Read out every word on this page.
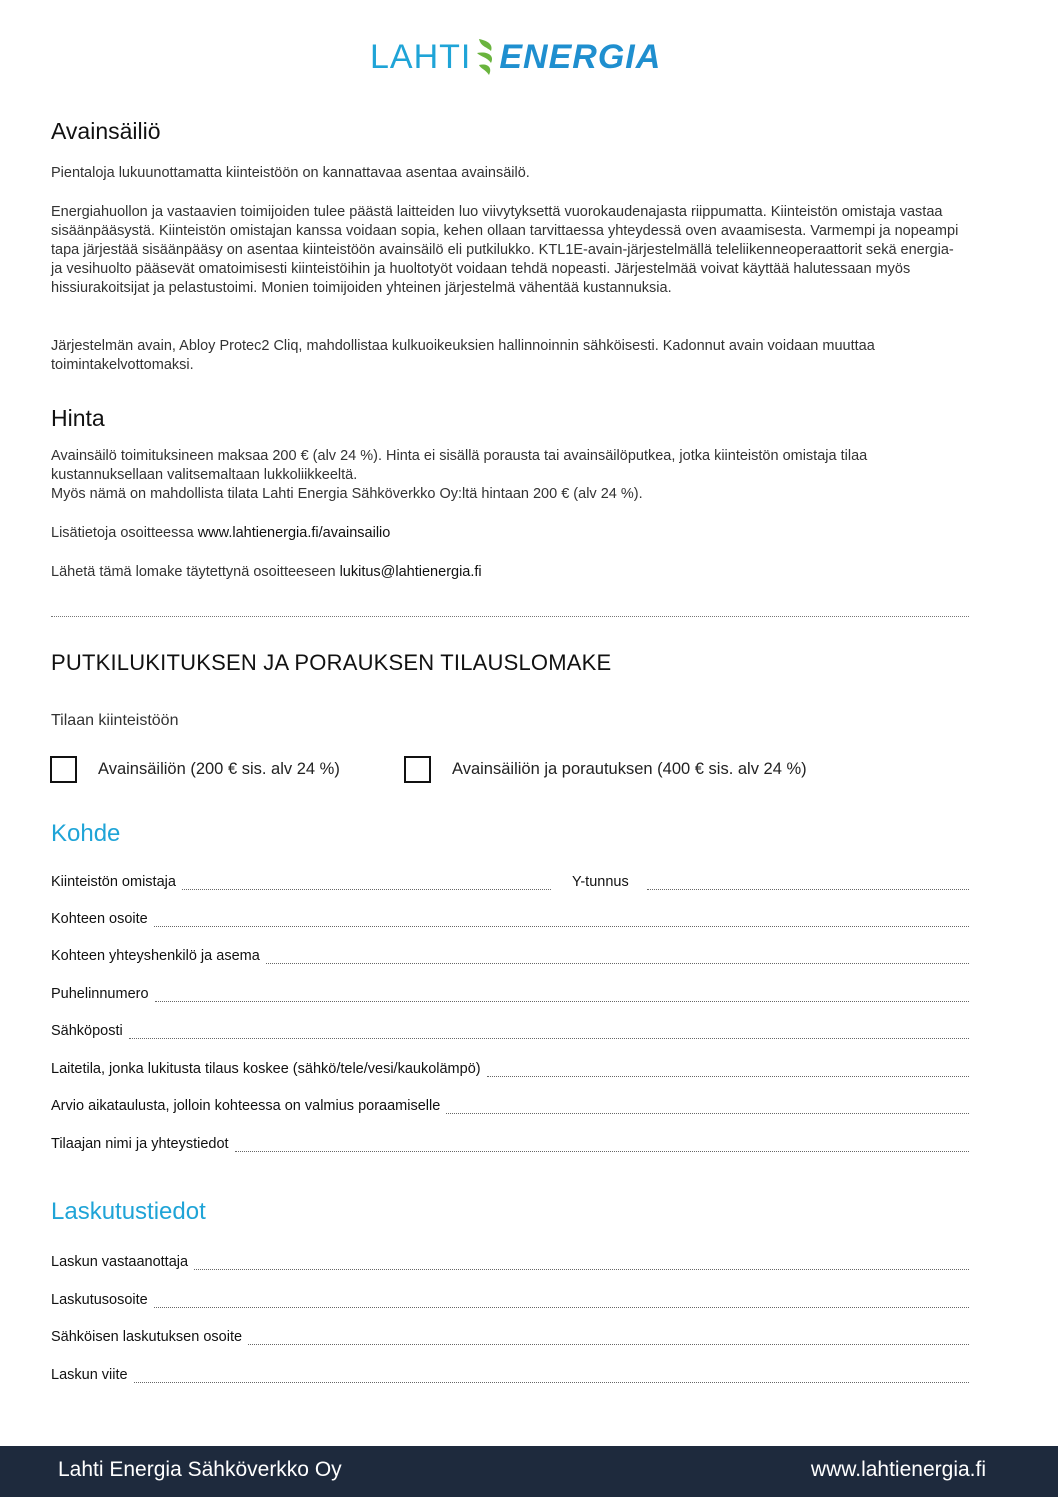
LAHTI ENERGIA
Avainsäiliö

Pientaloja lukuunottamatta kiinteistöön on kannattavaa asentaa avainsäilö.

Energiahuollon ja vastaavien toimijoiden tulee päästä laitteiden luo viivytyksettä vuorokaudenajasta riippumatta. Kiinteistön omistaja vastaa sisäänpääsystä. Kiinteistön omistajan kanssa voidaan sopia, kehen ollaan tarvittaessa yhteydessä oven avaamisesta. Varmempi ja nopeampi tapa järjestää sisäänpääsy on asentaa kiinteistöön avainsäilö eli putkilukko. KTL1E-avain-järjestelmällä teleliikenneoperaattorit sekä energia- ja vesihuolto pääsevät omatoimisesti kiinteistöihin ja huoltotyöt voidaan tehdä nopeasti. Järjestelmää voivat käyttää halutessaan myös hissiurakoitsijat ja pelastustoimi. Monien toimijoiden yhteinen järjestelmä vähentää kustannuksia.

Järjestelmän avain, Abloy Protec2 Cliq, mahdollistaa kulkuoikeuksien hallinnoinnin sähköisesti. Kadonnut avain voidaan muuttaa toimintakelvottomaksi.

Hinta

Avainsäilö toimituksineen maksaa 200 € (alv 24 %). Hinta ei sisällä porausta tai avainsäilöputkea, jotka kiinteistön omistaja tilaa kustannuksellaan valitsemaltaan lukkoliikkeeltä.

Myös nämä on mahdollista tilata Lahti Energia Sähköverkko Oy:ltä hintaan 200 € (alv 24 %).

Lisätietoja osoitteessa www.lahtienergia.fi/avainsailio

Lähetä tämä lomake täytettynä osoitteeseen lukitus@lahtienergia.fi

PUTKILUKITUKSEN JA PORAUKSEN TILAUSLOMAKE
Tilaan kiinteistöön
Avainsäiliön (200 € sis. alv 24 %)	Avainsäiliön ja porautuksen (400 € sis. alv 24 %)
Kohde
Kiinteistön omistaja	Y-tunnus
Kohteen osoite
Kohteen yhteyshenkilö ja asema
Puhelinnumero
Sähköposti
Laitetila, jonka lukitusta tilaus koskee (sähkö/tele/vesi/kaukolämpö)
Arvio aikataulusta, jolloin kohteessa on valmius poraamiselle
Tilaajan nimi ja yhteystiedot
Laskutustiedot
Laskun vastaanottaja
Laskutusosoite
Sähköisen laskutuksen osoite
Laskun viite
Lahti Energia Sähköverkko Oy	www.lahtienergia.fi
